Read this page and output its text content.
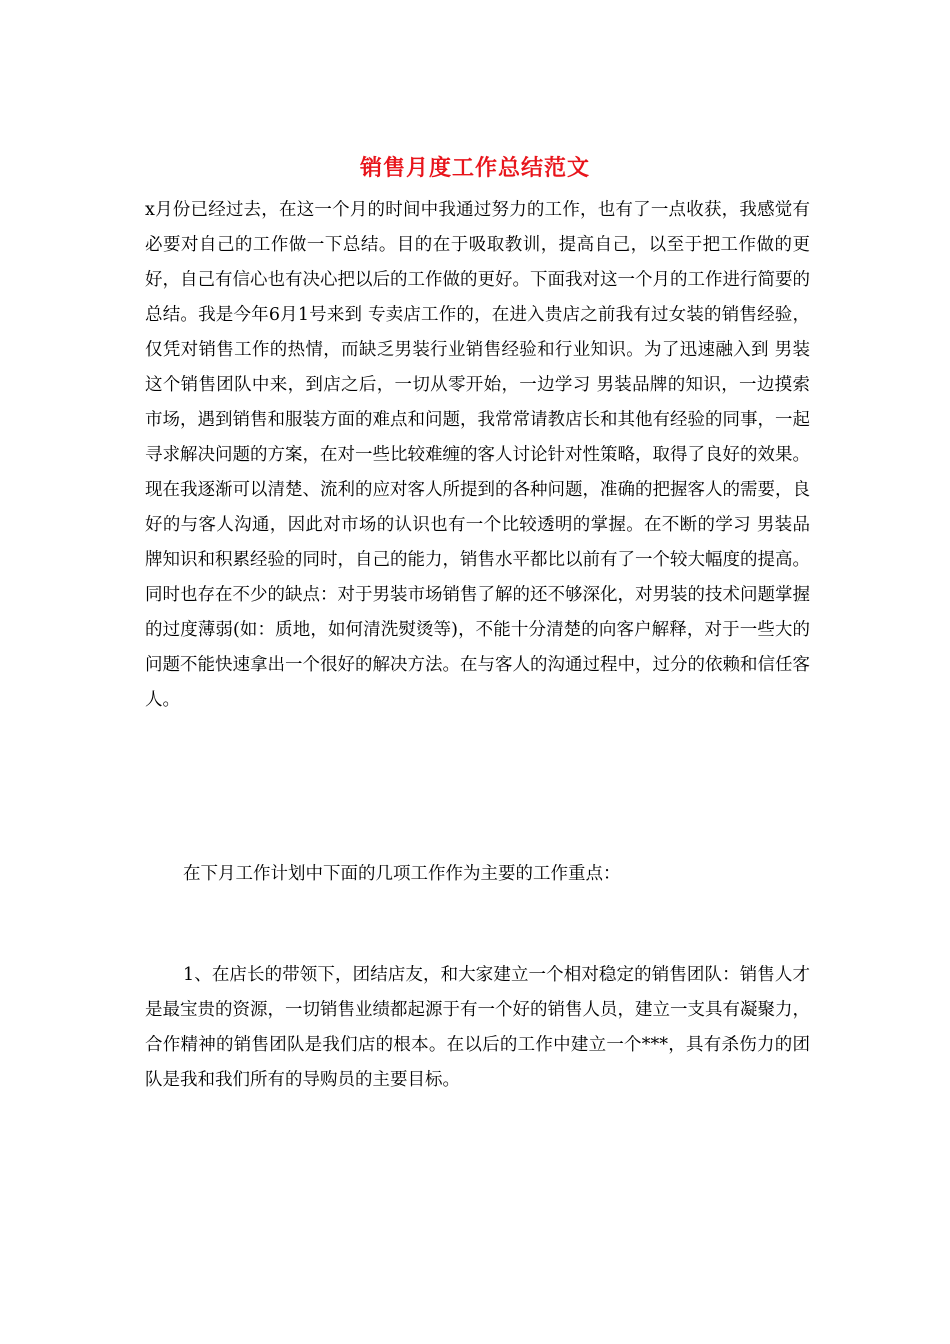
销售月度工作总结范文

x月份已经过去，在这一个月的时间中我通过努力的工作，也有了一点收获，我感觉有必要对自己的工作做一下总结。目的在于吸取教训，提高自己，以至于把工作做的更好，自己有信心也有决心把以后的工作做的更好。下面我对这一个月的工作进行简要的总结。我是今年6月1号来到 专卖店工作的，在进入贵店之前我有过女装的销售经验，仅凭对销售工作的热情，而缺乏男装行业销售经验和行业知识。为了迅速融入到 男装这个销售团队中来，到店之后，一切从零开始，一边学习 男装品牌的知识，一边摸索市场，遇到销售和服装方面的难点和问题，我常常请教店长和其他有经验的同事，一起寻求解决问题的方案，在对一些比较难缠的客人讨论针对性策略，取得了良好的效果。现在我逐渐可以清楚、流利的应对客人所提到的各种问题，准确的把握客人的需要，良好的与客人沟通，因此对市场的认识也有一个比较透明的掌握。在不断的学习 男装品牌知识和积累经验的同时，自己的能力，销售水平都比以前有了一个较大幅度的提高。同时也存在不少的缺点：对于男装市场销售了解的还不够深化，对男装的技术问题掌握的过度薄弱(如：质地，如何清洗熨烫等)，不能十分清楚的向客户解释，对于一些大的问题不能快速拿出一个很好的解决方法。在与客人的沟通过程中，过分的依赖和信任客人。

在下月工作计划中下面的几项工作作为主要的工作重点：

1、在店长的带领下，团结店友，和大家建立一个相对稳定的销售团队：销售人才是最宝贵的资源，一切销售业绩都起源于有一个好的销售人员，建立一支具有凝聚力，合作精神的销售团队是我们店的根本。在以后的工作中建立一个***，具有杀伤力的团队是我和我们所有的导购员的主要目标。
